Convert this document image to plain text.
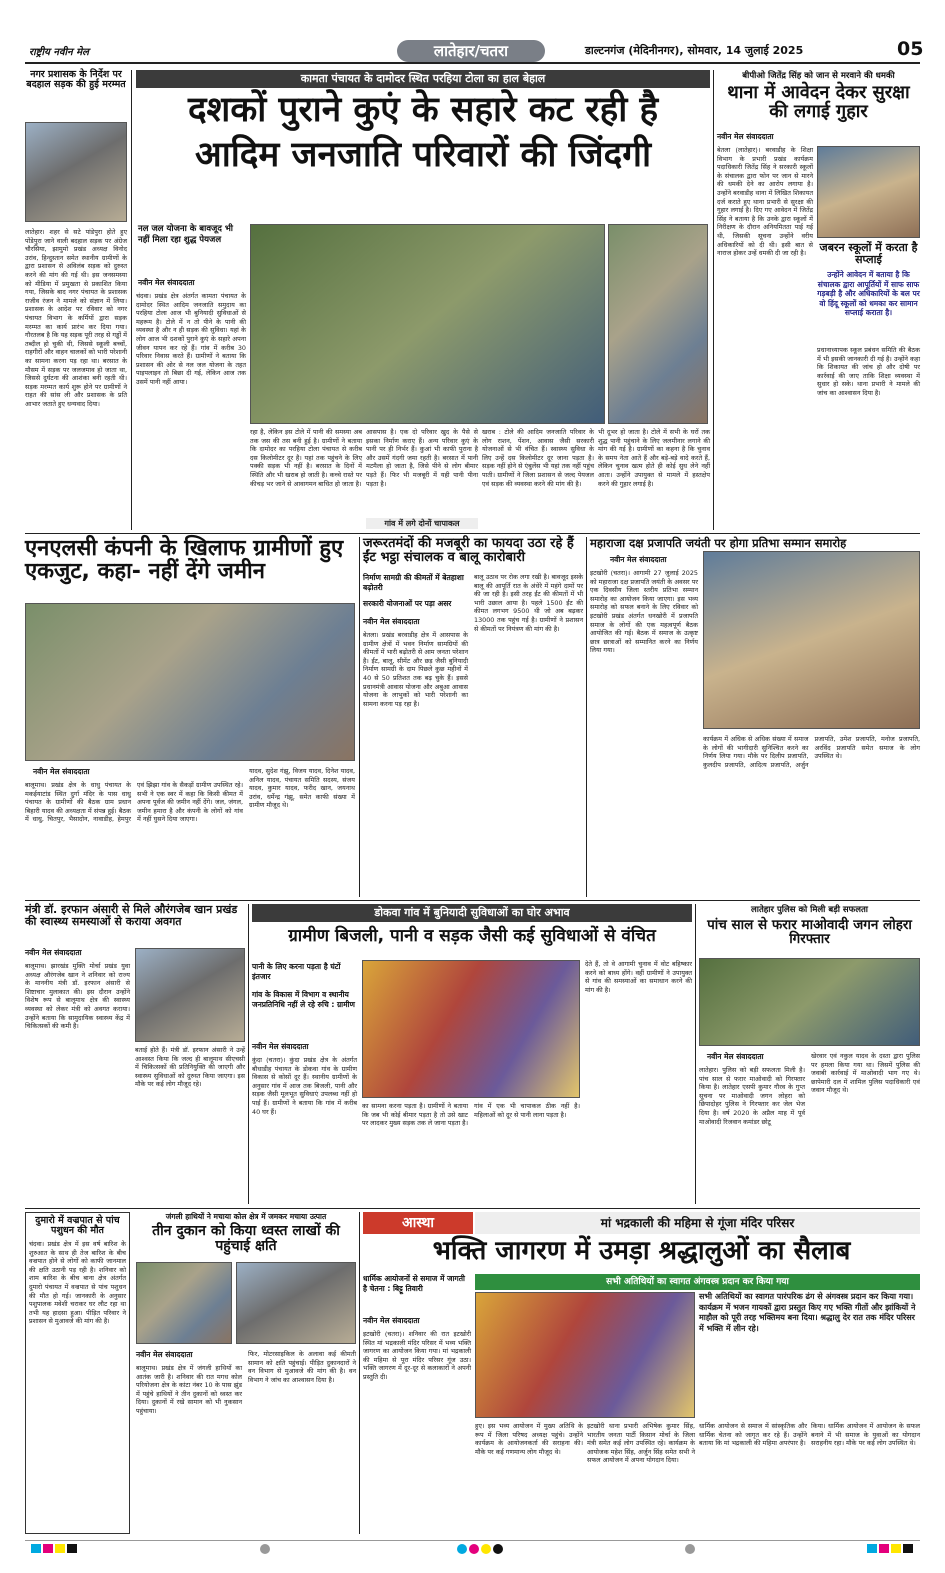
राष्ट्रीय नवीन मेल	लातेहार/चतरा	डाल्टनगंज (मेदिनीनगर), सोमवार, 14 जुलाई 2025	05
नगर प्रशासक के निर्देश पर बदहाल सड़क की हुई मरम्मत
लातेहार। शहर से सटे पांडेपुरा होते हुए पोंडेपुरा जाने वाली बदहाल सड़क पर अंग्रेज चौरसिया, झामुमो प्रखंड अध्यक्ष विनोद उरांव, हिन्दुस्तान समेत स्थानीय ग्रामीणों के द्वारा प्रशासन से अविलंब सड़क को दुरुस्त करने की मांग की गई थी। इस जनसमस्या को मीडिया में प्रमुखता से प्रकाशित किया गया, जिसके बाद नगर पंचायत के प्रशासक राजीव रंजन ने मामले को संज्ञान में लिया। प्रशासक के आदेश पर रविवार को नगर पंचायत विभाग के कर्मियों द्वारा सड़क मरम्मत का कार्य प्रारंभ कर दिया गया। गौरतलब है कि यह सड़क पूरी तरह से गड्ढों में तब्दील हो चुकी थी, जिससे स्कूली बच्चों, राहगीरों और वाहन चालकों को भारी परेशानी का सामना करना पड़ रहा था। बरसात के मौसम में सड़क पर जलजमाव हो जाता था, जिससे दुर्घटना की आशंका बनी रहती थी। सड़क मरम्मत कार्य शुरू होने पर ग्रामीणों ने राहत की सांस ली और प्रशासक के प्रति आभार जताते हुए धन्यवाद दिया।
कामता पंचायत के दामोदर स्थित परहिया टोला का हाल बेहाल
दशकों पुराने कुएं के सहारे कट रही है
आदिम जनजाति परिवारों की जिंदगी
नल जल योजना के बावजूद भी नहीं मिला रहा शुद्ध पेयजल
नवीन मेल संवाददाता
चंदवा। प्रखंड क्षेत्र अंतर्गत कामता पंचायत के दामोदर स्थित आदिम जनजाति समुदाय का परहिया टोला आज भी बुनियादी सुविधाओं से महरूम है। टोले में न तो पीने के पानी की व्यवस्था है और न ही सड़क की सुविधा। यहां के लोग आज भी दशकों पुराने कुएं के सहारे अपना जीवन यापन कर रहे हैं। गांव में करीब 30 परिवार निवास करते हैं। ग्रामीणों ने बताया कि प्रशासन की ओर से नल जल योजना के तहत पाइपलाइन तो बिछा दी गई, लेकिन आज तक उसमें पानी नहीं आया।
रहा है, लेकिन इस टोले में पानी की समस्या अब तक जस की तस बनी हुई है। ग्रामीणों ने बताया कि दामोदर का परहिया टोला पंचायत से करीब दस किलोमीटर दूर है। यहां तक पहुंचने के लिए पक्की सड़क भी नहीं है। बरसात के दिनों में स्थिति और भी खराब हो जाती है। कच्चे रास्ते पर कीचड़ भर जाने से आवागमन बाधित हो जाता है।
आसपास है। एक दो परिवार खुद के पैसे से इसका निर्माण कराए हैं। अन्य परिवार कुएं के पानी पर ही निर्भर हैं। कुआं भी काफी पुराना है और उसमें गंदगी जमा रहती है। बरसात में पानी मटमैला हो जाता है, जिसे पीने से लोग बीमार पड़ते हैं। फिर भी मजबूरी में यही पानी पीना पड़ता है।
गांव में लगे दोनों चापाकल
खराब : टोले की आदिम जनजाति परिवार के लोग राशन, पेंशन, आवास जैसी सरकारी योजनाओं से भी वंचित हैं। स्वास्थ्य सुविधा के लिए उन्हें दस किलोमीटर दूर जाना पड़ता है। सड़क नहीं होने से एंबुलेंस भी यहां तक नहीं पहुंच पाती। ग्रामीणों ने जिला प्रशासन से जल्द पेयजल एवं सड़क की व्यवस्था करने की मांग की है।
भी दूभर हो जाता है। टोले में सभी के घरों तक शुद्ध पानी पहुंचाने के लिए जलमीनार लगाने की मांग की गई है। ग्रामीणों का कहना है कि चुनाव के समय नेता आते हैं और बड़े-बड़े वादे करते हैं, लेकिन चुनाव खत्म होते ही कोई सुध लेने नहीं आता। उन्होंने उपायुक्त से मामले में हस्तक्षेप करने की गुहार लगाई है।
बीपीओ जितेंद्र सिंह को जान से मरवाने की धमकी
थाना में आवेदन देकर सुरक्षा की लगाई गुहार
नवीन मेल संवाददाता
बेतला (लातेहार)। बरवाडीह के शिक्षा विभाग के प्रभारी प्रखंड कार्यक्रम पदाधिकारी जितेंद्र सिंह ने सरकारी स्कूलों के संचालक द्वारा फोन पर जान से मारने की धमकी देने का आरोप लगाया है। उन्होंने बरवाडीह थाना में लिखित शिकायत दर्ज कराते हुए थाना प्रभारी से सुरक्षा की गुहार लगाई है। दिए गए आवेदन में जितेंद्र सिंह ने बताया है कि उनके द्वारा स्कूलों में निरीक्षण के दौरान अनियमितता पाई गई थी, जिसकी सूचना उन्होंने वरीय अधिकारियों को दी थी। इसी बात से नाराज होकर उन्हें धमकी दी जा रही है।	जबरन स्कूलों में करता है सप्लाई
उन्होंने आवेदन में बताया है कि संचालक द्वारा आपूर्तियों में साफ साफ गड़बड़ी है और अधिकारियों के बल पर वो हिंदू स्कूलों को धमका कर सामान सप्लाई कराता है।
प्रधानाध्यापक स्कूल प्रबंधन समिति की बैठक में भी इसकी जानकारी दी गई है। उन्होंने कहा कि शिकायत की जांच हो और दोषी पर कार्रवाई की जाए ताकि शिक्षा व्यवस्था में सुधार हो सके। थाना प्रभारी ने मामले की जांच का आश्वासन दिया है।
एनएलसी कंपनी के खिलाफ ग्रामीणों हुए एकजुट, कहा- नहीं देंगे जमीन
नवीन मेल संवाददाता
बालूमाथ। प्रखंड क्षेत्र के धाधु पंचायत के मकईयाटांड स्थित दुर्गा मंदिर के पास धाधु पंचायत के ग्रामीणों की बैठक ग्राम प्रधान बिहारी यादव की अध्यक्षता में संपन्न हुई। बैठक में धाधु, चितपुर, भैसादोन, नावाडीह, हेमपुर एवं झिझा गांव के सैकड़ों ग्रामीण उपस्थित रहे। सभी ने एक स्वर में कहा कि किसी कीमत में अपना पूर्वज की जमीन नहीं देंगे। जल, जंगल, जमीन हमारा है और कंपनी के लोगों को गांव में नहीं घुसने दिया जाएगा।
यादव, सुदेश गंझू, विजय यादव, दिनेश यादव, अनिल यादव, पंचायत समिति सदस्य, संजय यादव, कुमार यादव, फरीद खान, जयनाथ उरांव, धर्मेन्द्र गंझू, समेत काफी संख्या में ग्रामीण मौजूद थे।
जरूरतमंदों की मजबूरी का फायदा उठा रहे हैं ईंट भट्ठा संचालक व बालू कारोबारी
निर्माण सामग्री की कीमतों में बेतहाशा बढ़ोतरी
सरकारी योजनाओं पर पड़ा असर
नवीन मेल संवाददाता
बेतला। प्रखंड बरवाडीह क्षेत्र में आसपास के ग्रामीण क्षेत्रों में भवन निर्माण सामग्रियों की कीमतों में भारी बढ़ोतरी से आम जनता परेशान है। ईंट, बालू, सीमेंट और छड़ जैसी बुनियादी निर्माण सामग्री के दाम पिछले कुछ महीनों में 40 से 50 प्रतिशत तक बढ़ चुके हैं। इससे प्रधानमंत्री आवास योजना और अबुआ आवास योजना के लाभुकों को भारी परेशानी का सामना करना पड़ रहा है।
बालू उठाव पर रोक लगा रखी है। बावजूद इसके बालू की आपूर्ति रात के अंधेरे में महंगे दामों पर की जा रही है। इसी तरह ईंट की कीमतों में भी भारी उछाल आया है। पहले 1500 ईंट की कीमत लगभग 9500 थी जो अब बढ़कर 13000 तक पहुंच गई है। ग्रामीणों ने प्रशासन से कीमतों पर नियंत्रण की मांग की है।
महाराजा दक्ष प्रजापति जयंती पर होगा प्रतिभा सम्मान समारोह
नवीन मेल संवाददाता
इटखोरी (चतरा)। आगामी 27 जुलाई 2025 को महाराजा दक्ष प्रजापति जयंती के अवसर पर एक दिवसीय जिला स्तरीय प्रतिभा सम्मान समारोह का आयोजन किया जाएगा। इस भव्य समारोह को सफल बनाने के लिए रविवार को इटखोरी प्रखंड अंतर्गत धनखोरी में प्रजापति समाज के लोगों की एक महत्वपूर्ण बैठक आयोजित की गई। बैठक में समाज के उत्कृष्ट छात्र छात्राओं को सम्मानित करने का निर्णय लिया गया।
कार्यक्रम में अधिक से अधिक संख्या में समाज के लोगों की भागीदारी सुनिश्चित करने का निर्णय लिया गया। मौके पर दिलीप प्रजापति, कुलदीप प्रजापति, आदित्य प्रजापति, अर्जुन प्रजापति, उमेश प्रजापति, मनोज प्रजापति, अरविंद प्रजापति समेत समाज के लोग उपस्थित थे।
मंत्री डॉ. इरफान अंसारी से मिले औरंगजेब खान प्रखंड की स्वास्थ्य समस्याओं से कराया अवगत
नवीन मेल संवाददाता
बालूमाथ। झारखंड मुक्ति मोर्चा प्रखंड युवा अध्यक्ष औरंगजेब खान ने शनिवार को राज्य के माननीय मंत्री डॉ. इरफान अंसारी से शिष्टाचार मुलाकात की। इस दौरान उन्होंने विशेष रूप से बालूमाथ क्षेत्र की स्वास्थ्य व्यवस्था को लेकर मंत्री को अवगत कराया। उन्होंने बताया कि सामुदायिक स्वास्थ्य केंद्र में चिकित्सकों की कमी है।
बताई होते हैं। मंत्री डॉ. इरफान अंसारी ने उन्हें आश्वस्त किया कि जल्द ही बालूमाथ सीएचसी में चिकित्सकों की प्रतिनियुक्ति की जाएगी और स्वास्थ्य सुविधाओं को दुरुस्त किया जाएगा। इस मौके पर कई लोग मौजूद रहे।
डोकवा गांव में बुनियादी सुविधाओं का घोर अभाव
ग्रामीण बिजली, पानी व सड़क जैसी कई सुविधाओं से वंचित
पानी के लिए करना पड़ता है घंटों इंतजार
गांव के विकास में विभाग व स्थानीय जनप्रतिनिधि नहीं ले रहे रुचि : ग्रामीण
नवीन मेल संवाददाता
कुंदा (चतरा)। कुंदा प्रखंड क्षेत्र के अंतर्गत बौधाडीह पंचायत के डोकवा गांव के ग्रामीण विकास से कोसों दूर हैं। स्थानीय ग्रामीणों के अनुसार गांव में आज तक बिजली, पानी और सड़क जैसी मूलभूत सुविधाएं उपलब्ध नहीं हो पाई हैं। ग्रामीणों ने बताया कि गांव में करीब 40 घर हैं।
का सामना करना पड़ता है। ग्रामीणों ने बताया कि जब भी कोई बीमार पड़ता है तो उसे खाट पर लादकर मुख्य सड़क तक ले जाना पड़ता है। गांव में एक भी चापाकल ठीक नहीं है। महिलाओं को दूर से पानी लाना पड़ता है।
देते हैं, तो वे आगामी चुनाव में वोट बहिष्कार करने को बाध्य होंगे। वहीं ग्रामीणों ने उपायुक्त से गांव की समस्याओं का समाधान करने की मांग की है।
लातेहार पुलिस को मिली बड़ी सफलता
पांच साल से फरार माओवादी जगन लोहरा गिरफ्तार
नवीन मेल संवाददाता
लातेहार। पुलिस को बड़ी सफलता मिली है। पांच साल से फरार माओवादी को गिरफ्तार किया है। लातेहार एसपी कुमार गौरव के गुप्त सूचना पर माओवादी जगन लोहरा को छिपादोहर पुलिस ने गिरफ्तार कर जेल भेज दिया है। वर्ष 2020 के अप्रैल माह में पूर्व माओवादी रिजवान कमांडर छोटू
खेरवार एवं नकुल यादव के दस्ता द्वारा पुलिस पर हमला किया गया था। जिसमें पुलिस की जवाबी कार्रवाई में माओवादी भाग गए थे। छापेमारी दल में शामिल पुलिस पदाधिकारी एवं जवान मौजूद थे।
दुमारो में वज्रपात से पांच पशुधन की मौत
चंदवा। प्रखंड क्षेत्र में इस वर्ष बारिश के शुरुआत के साथ ही तेज बारिश के बीच वज्रपात होने से लोगों को काफी जानमाल की क्षति उठानी पड़ रही है। शनिवार को शाम बारिश के बीच बाना क्षेत्र अंतर्गत दुमारो पंचायत में वज्रपात से पांच पशुधन की मौत हो गई। जानकारी के अनुसार पशुपालक मवेशी चराकर घर लौट रहा था तभी यह हादसा हुआ। पीड़ित परिवार ने प्रशासन से मुआवजे की मांग की है।
जंगली हाथियों ने मचाया कोल क्षेत्र में जमकर मचाया उत्पात
तीन दुकान को किया ध्वस्त लाखों की पहुंचाई क्षति
नवीन मेल संवाददाता
बालूमाथ। प्रखंड क्षेत्र में जंगली हाथियों का आतंक जारी है। शनिवार की रात मगध कोल परियोजना क्षेत्र के कांटा नंबर 10 के पास झुंड में पहुंचे हाथियों ने तीन दुकानों को ध्वस्त कर दिया। दुकानों में रखे सामान को भी नुकसान पहुंचाया।
फिर, मोटरसाइकिल के अलावा कई कीमती सामान को क्षति पहुंचाई। पीड़ित दुकानदारों ने वन विभाग से मुआवजे की मांग की है। वन विभाग ने जांच का आश्वासन दिया है।
आस्था	मां भद्रकाली की महिमा से गूंजा मंदिर परिसर
भक्ति जागरण में उमड़ा श्रद्धालुओं का सैलाब
धार्मिक आयोजनों से समाज में जागती है चेतना : बिट्टू तिवारी
नवीन मेल संवाददाता
इटखोरी (चतरा)। शनिवार की रात इटखोरी स्थित मां भद्रकाली मंदिर परिसर में भव्य भक्ति जागरण का आयोजन किया गया। मां भद्रकाली की महिमा से पूरा मंदिर परिसर गूंज उठा। भक्ति जागरण में दूर-दूर से कलाकारों ने अपनी प्रस्तुति दी।
सभी अतिथियों का स्वागत अंगवस्त्र प्रदान कर किया गया
सभी अतिथियों का स्वागत पारंपरिक ढंग से अंगवस्त्र प्रदान कर किया गया। कार्यक्रम में भजन गायकों द्वारा प्रस्तुत किए गए भक्ति गीतों और झांकियों ने माहौल को पूरी तरह भक्तिमय बना दिया। श्रद्धालु देर रात तक मंदिर परिसर में भक्ति में लीन रहे।
हुए। इस भव्य आयोजन में मुख्य अतिथि के रूप में जिला परिषद अध्यक्ष पहुंचे। उन्होंने कार्यक्रम के आयोजनकर्ता की सराहना की। मौके पर कई गणमान्य लोग मौजूद थे।
इटखोरी थाना प्रभारी अभिषेक कुमार सिंह, भारतीय जनता पार्टी किसान मोर्चा के जिला मंत्री समेत कई लोग उपस्थित रहे। कार्यक्रम के आयोजक महेश सिंह, अर्जुन सिंह समेत सभी ने सफल आयोजन में अपना योगदान दिया।
धार्मिक आयोजन से समाज में सांस्कृतिक और धार्मिक चेतना को जागृत कर रहे हैं। उन्होंने बताया कि मां भद्रकाली की महिमा अपरंपार है।
किया। धार्मिक आयोजन में आयोजन के सफल बनाने में भी समाज के युवाओं का योगदान सराहनीय रहा। मौके पर कई लोग उपस्थित थे।
